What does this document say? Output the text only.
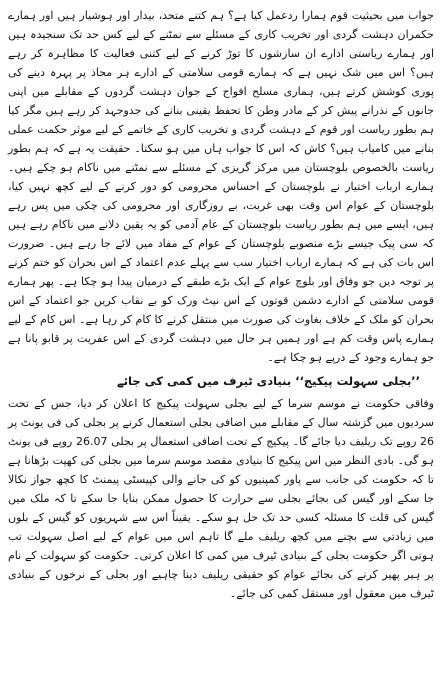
جواب میں بحیثیت قوم ہمارا ردعمل کیا ہے؟ ہم کتنے متحد، بیدار اور ہوشیار ہیں اور ہمارے حکمران دہشت گردی اور تخریب کاری کے مسئلے سے نمٹنے کے لیے کس حد تک سنجیدہ ہیں اور ہمارے ریاستی ادارے ان سازشوں کا توڑ کرنے کے لیے کتنی فعالیت کا مظاہرہ کر رہے ہیں؟ اس میں شک نہیں ہے کہ ہمارے قومی سلامتی کے ادارے ہر محاذ پر پہرہ دینے کی پوری کوشش کرتے ہیں، ہماری مسلح افواج کے جوان دہشت گردوں کے مقابلے میں اپنی جانوں کے نذرانے پیش کر کے مادر وطن کا تحفظ یقینی بنانے کی جدوجہد کر رہے ہیں مگر کیا ہم بطور ریاست اور قوم کے دہشت گردی و تخریب کاری کے خاتمے کے لیے موثر حکمت عملی بنانے میں کامیاب ہیں؟ کاش کہ اس کا جواب ہاں میں ہو سکتا۔ حقیقت یہ ہے کہ ہم بطور ریاست بالخصوص بلوچستان میں مرکز گریزی کے مسئلے سے نمٹنے میں ناکام ہو چکے ہیں۔ ہمارے ارباب اختیار نے بلوچستان کے احساس محرومی کو دور کرنے کے لیے کچھ نہیں کیا، بلوچستان کے عوام اس وقت بھی غربت، بے روزگاری اور محرومی کی چکی میں پس رہے ہیں، ایسے میں ہم بطور ریاست بلوچستان کے عام آدمی کو یہ یقین دلانے میں ناکام رہے ہیں کہ سی پیک جیسے بڑے منصوبے بلوچستان کے عوام کے مفاد میں لائے جا رہے ہیں۔ ضرورت اس بات کی ہے کہ ہمارے ارباب اختیار سب سے پہلے عدم اعتماد کے اس بحران کو ختم کرنے پر توجہ دیں جو وفاق اور بلوچ عوام کے ایک بڑے طبقے کے درمیان پیدا ہو چکا ہے۔ پھر ہمارے قومی سلامتی کے ادارے دشمن قوتوں کے اس نیٹ ورک کو بے نقاب کریں جو اعتماد کے اس بحران کو ملک کے خلاف بغاوت کی صورت میں منتقل کرنے کا کام کر رہا ہے۔ اس کام کے لیے ہمارے پاس وقت کم ہے اور ہمیں ہر حال میں دہشت گردی کے اس عفریت پر قابو پانا ہے جو ہمارے وجود کے درپے ہو چکا ہے۔

’’بجلی سہولت پیکیج‘‘ بنیادی ٹیرف میں کمی کی جائے

وفاقی حکومت نے موسم سرما کے لیے بجلی سہولت پیکیج کا اعلان کر دیا، جس کے تحت سردیوں میں گزشتہ سال کے مقابلے میں اضافی بجلی استعمال کرنے پر بجلی کی فی یونٹ پر 26 روپے تک ریلیف دیا جائے گا۔ پیکیج کے تحت اضافی استعمال پر بجلی 26.07 روپے فی یونٹ ہو گی۔ بادی النظر میں اس پیکیج کا بنیادی مقصد موسم سرما میں بجلی کی کھپت بڑھانا ہے تا کہ حکومت کی جانب سے پاور کمپنیوں کو کی جانے والی کپیسٹی پیمنٹ کا کچھ جواز نکالا جا سکے اور گیس کی بجائے بجلی سے حرارت کا حصول ممکن بنایا جا سکے تا کہ ملک میں گیس کی قلت کا مسئلہ کسی حد تک حل ہو سکے۔ یقیناً اس سے شہریوں کو گیس کے بلوں میں زیادتی سے بچنے میں کچھ ریلیف ملے گا تاہم اس میں عوام کے لیے اصل سہولت تب ہوتی اگر حکومت بجلی کے بنیادی ٹیرف میں کمی کا اعلان کرتی۔ حکومت کو سہولت کے نام پر ہیر پھیر کرنے کی بجائے عوام کو حقیقی ریلیف دینا چاہیے اور بجلی کے نرخوں کے بنیادی ٹیرف میں معقول اور مستقل کمی کی جائے۔
